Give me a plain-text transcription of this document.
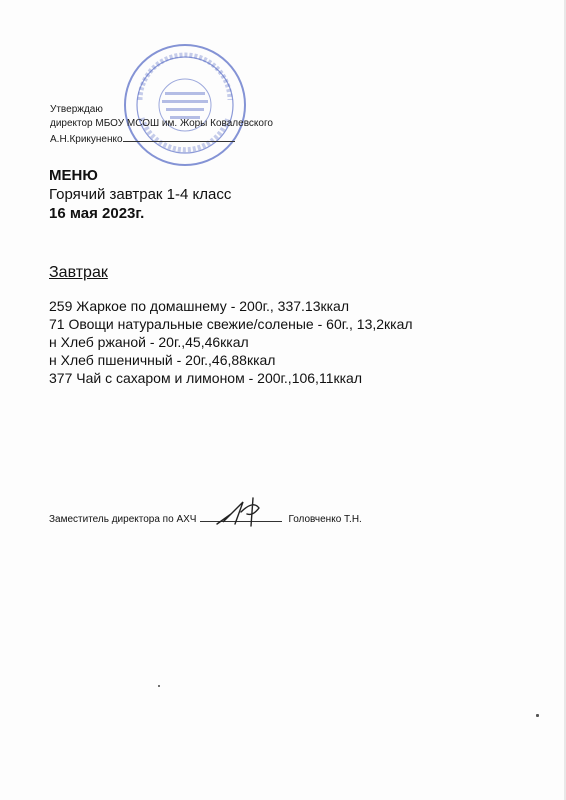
Утверждаю
директор МБОУ МСОШ им. Жоры Ковалевского
А.Н.Крикуненко
МЕНЮ
Горячий завтрак 1-4 класс
16 мая 2023г.
Завтрак
259 Жаркое по домашнему - 200г., 337.13ккал
71 Овощи натуральные свежие/соленые - 60г., 13,2ккал
н Хлеб ржаной - 20г.,45,46ккал
н Хлеб пшеничный - 20г.,46,88ккал
377 Чай с сахаром и лимоном - 200г.,106,11ккал
Заместитель директора по АХЧ	Головченко Т.Н.
